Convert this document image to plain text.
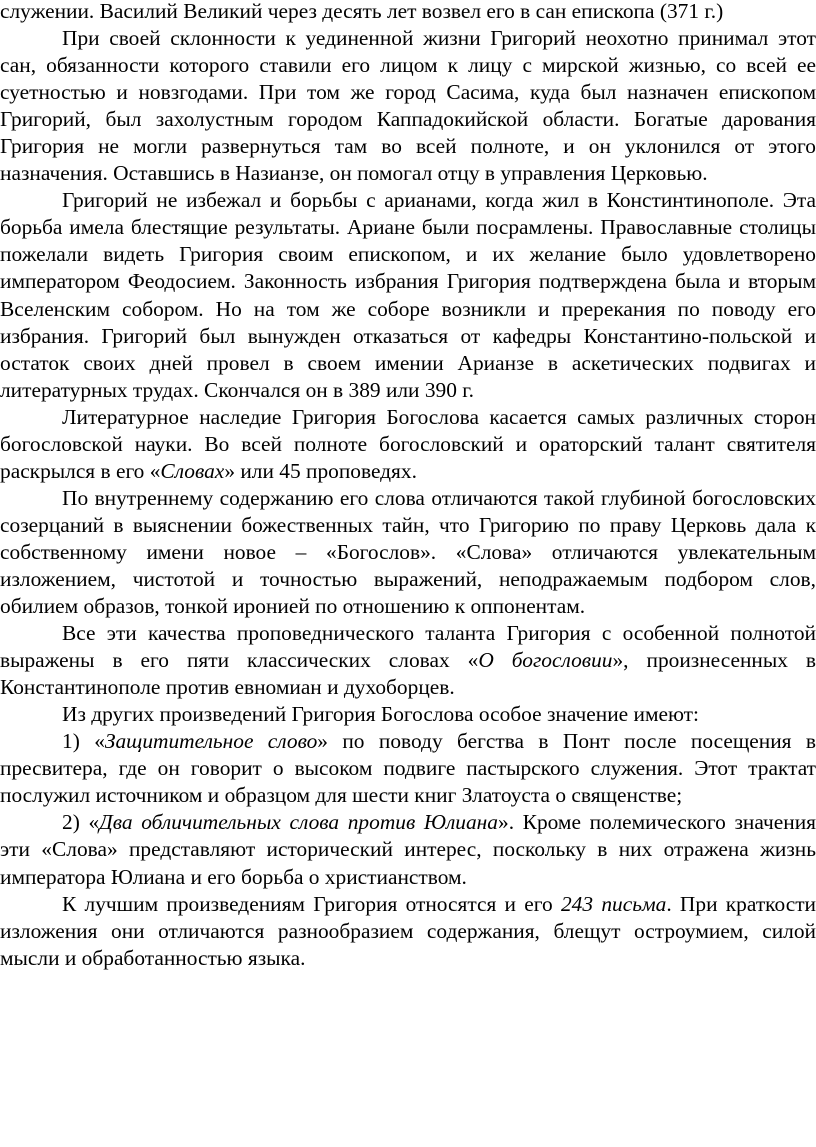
служении. Василий Великий через десять лет возвел его в сан епископа (371 г.)

При своей склонности к уединенной жизни Григорий неохотно принимал этот сан, обязанности которого ставили его лицом к лицу с мирской жизнью, со всей ее суетностью и новзгодами. При том же город Сасима, куда был назначен епископом Григорий, был захолустным городом Каппадокийской области. Богатые дарования Григория не могли развернуться там во всей полноте, и он уклонился от этого назначения. Оставшись в Назианзе, он помогал отцу в управления Церковью.

Григорий не избежал и борьбы с арианами, когда жил в Констинтинополе. Эта борьба имела блестящие результаты. Ариане были посрамлены. Православные столицы пожелали видеть Григория своим епископом, и их желание было удовлетворено императором Феодосием. Законность избрания Григория подтверждена была и вторым Вселенским собором. Но на том же соборе возникли и пререкания по поводу его избрания. Григорий был вынужден отказаться от кафедры Константино-польской и остаток своих дней провел в своем имении Арианзе в аскетических подвигах и литературных трудах. Скончался он в 389 или 390 г.

Литературное наследие Григория Богослова касается самых различных сторон богословской науки. Во всей полноте богословский и ораторский талант святителя раскрылся в его «Словах» или 45 проповедях.

По внутреннему содержанию его слова отличаются такой глубиной богословских созерцаний в выяснении божественных тайн, что Григорию по праву Церковь дала к собственному имени новое – «Богослов». «Слова» отличаются увлекательным изложением, чистотой и точностью выражений, неподражаемым подбором слов, обилием образов, тонкой иронией по отношению к оппонентам.

Все эти качества проповеднического таланта Григория с особенной полнотой выражены в его пяти классических словах «О богословии», произнесенных в Константинополе против евномиан и духоборцев.

Из других произведений Григория Богослова особое значение имеют:

1) «Защитительное слово» по поводу бегства в Понт после посещения в пресвитера, где он говорит о высоком подвиге пастырского служения. Этот трактат послужил источником и образцом для шести книг Златоуста о священстве;

2) «Два обличительных слова против Юлиана». Кроме полемического значения эти «Слова» представляют исторический интерес, поскольку в них отражена жизнь императора Юлиана и его борьба о христианством.

К лучшим произведениям Григория относятся и его 243 письма. При краткости изложения они отличаются разнообразием содержания, блещут остроумием, силой мысли и обработанностью языка.
